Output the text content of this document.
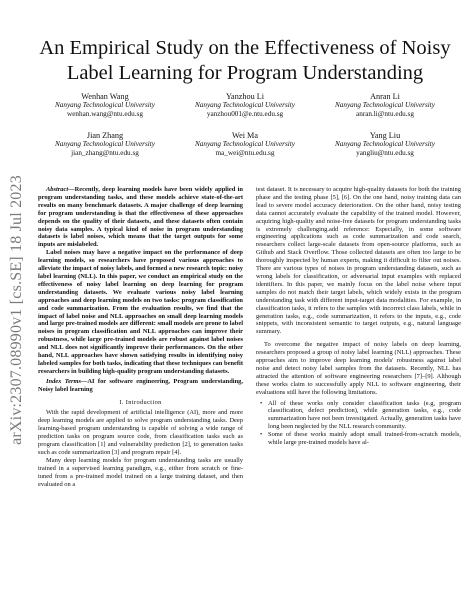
arXiv:2307.08990v1 [cs.SE] 18 Jul 2023
An Empirical Study on the Effectiveness of Noisy Label Learning for Program Understanding
Wenhan Wang
Nanyang Technological University
wenhan.wang@ntu.edu.sg
Yanzhou Li
Nanyang Technological University
yanzhou001@e.ntu.edu.sg
Anran Li
Nanyang Technological University
anran.li@ntu.edu.sg
Jian Zhang
Nanyang Technological University
jian_zhang@ntu.edu.sg
Wei Ma
Nanyang Technological University
ma_wei@ntu.edu.sg
Yang Liu
Nanyang Technological University
yangliu@ntu.edu.sg

Abstract—Recently, deep learning models have been widely applied in program understanding tasks, and these models achieve state-of-the-art results on many benchmark datasets. A major challenge of deep learning for program understanding is that the effectiveness of these approaches depends on the quality of their datasets, and these datasets often contain noisy data samples. A typical kind of noise in program understanding datasets is label noises, which means that the target outputs for some inputs are mislabeled.

Label noises may have a negative impact on the performance of deep learning models, so researchers have proposed various approaches to alleviate the impact of noisy labels, and formed a new research topic: noisy label learning (NLL). In this paper, we conduct an empirical study on the effectiveness of noisy label learning on deep learning for program understanding datasets. We evaluate various noisy label learning approaches and deep learning models on two tasks: program classification and code summarization. From the evaluation results, we find that the impact of label noise and NLL approaches on small deep learning models and large pre-trained models are different: small models are prone to label noises in program classification and NLL approaches can improve their robustness, while large pre-trained models are robust against label noises and NLL does not significantly improve their performances. On the other hand, NLL approaches have shown satisfying results in identifying noisy labeled samples for both tasks, indicating that these techniques can benefit researchers in building high-quality program understanding datasets.

Index Terms—AI for software engineering, Program understanding, Noisy label learning

I. Introduction

With the rapid development of artificial intelligence (AI), more and more deep learning models are applied to solve program understanding tasks. Deep learning-based program understanding is capable of solving a wide range of prediction tasks on program source code, from classification tasks such as program classification [1] and vulnerability prediction [2], to generation tasks such as code summarization [3] and program repair [4].

Many deep learning models for program understanding tasks are usually trained in a supervised learning paradigm, e.g., either from scratch or fine-tuned from a pre-trained model trained on a large training dataset, and then evaluated on a

test dataset. It is necessary to acquire high-quality datasets for both the training phase and the testing phase [5], [6]. On the one hand, noisy training data can lead to severe model accuracy deterioration. On the other hand, noisy testing data cannot accurately evaluate the capability of the trained model. However, acquiring high-quality and noise-free datasets for program understanding tasks is extremely challenging.add reference: Especially, in some software engineering applications such as code summarization and code search, researchers collect large-scale datasets from open-source platforms, such as Github and Stack Overflow. Those collected datasets are often too large to be thoroughly inspected by human experts, making it difficult to filter out noises. There are various types of noises in program understanding datasets, such as wrong labels for classification, or adversarial input examples with replaced identifiers. In this paper, we mainly focus on the label noise where input samples do not match their target labels, which widely exists in the program understanding task with different input-target data modalities. For example, in classification tasks, it refers to the samples with incorrect class labels, while in generation tasks, e.g., code summarization, it refers to the inputs, e.g., code snippets, with inconsistent semantic to target outputs, e.g., natural language summary.

To overcome the negative impact of noisy labels on deep learning, researchers proposed a group of noisy label learning (NLL) approaches. These approaches aim to improve deep learning models' robustness against label noise and detect noisy label samples from the datasets. Recently, NLL has attracted the attention of software engineering researchers [7]–[9]. Although these works claim to successfully apply NLL to software engineering, their evaluations still have the following limitations.

• All of these works only consider classification tasks (e.g, program classification, defect prediction), while generation tasks, e.g., code summarization have not been investigated. Actually, generation tasks have long been neglected by the NLL research community.
• Some of these works mainly adopt small trained-from-scratch models, while large pre-trained models have al-
